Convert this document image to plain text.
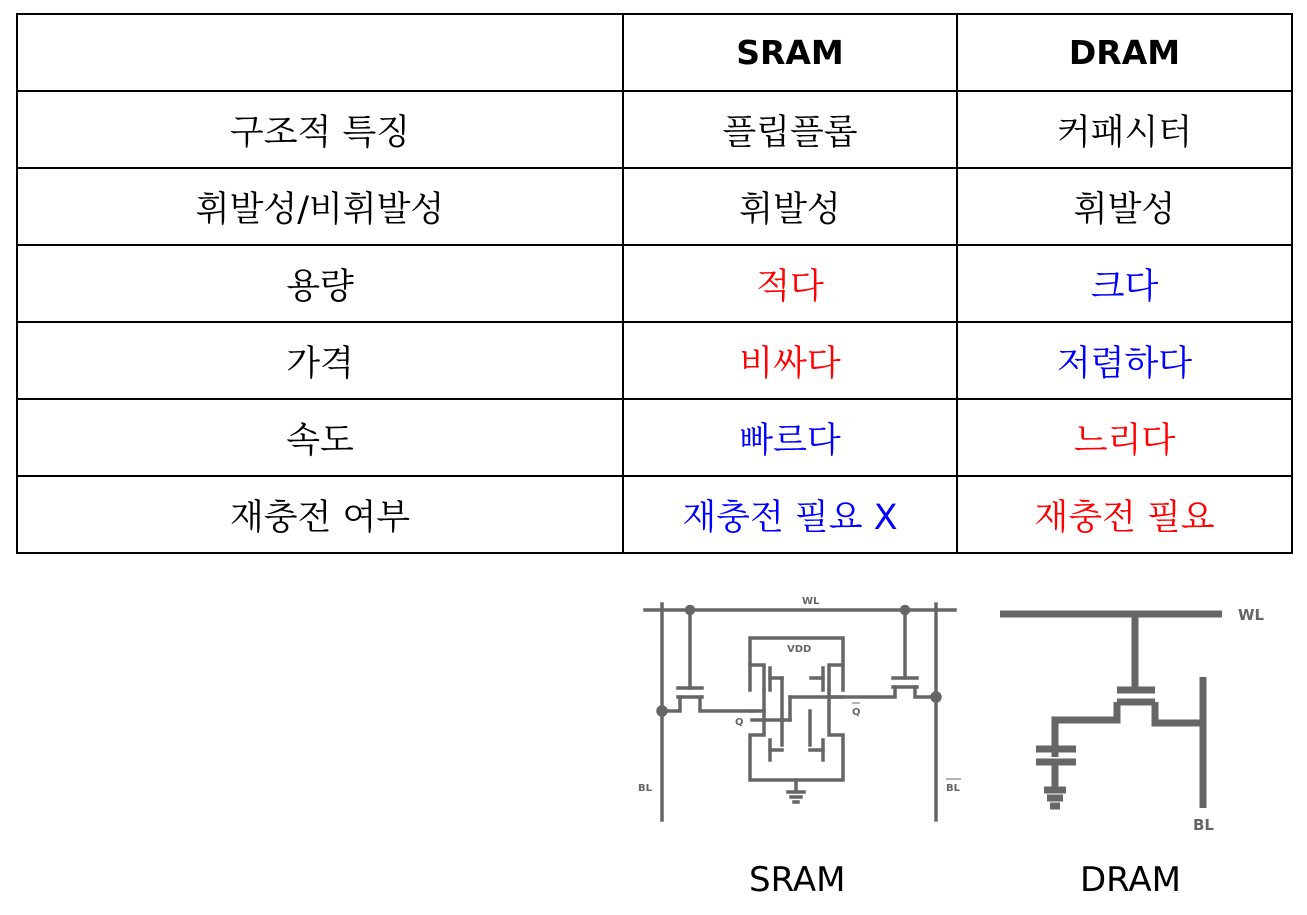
	SRAM	DRAM
구조적 특징	플립플롭	커패시터
휘발성/비휘발성	휘발성	휘발성
용량	적다	크다
가격	비싸다	저렴하다
속도	빠르다	느리다
재충전 여부	재충전 필요 X	재충전 필요
WL
VDD
Q
Q
BL	BL
WL
BL
SRAM	DRAM
